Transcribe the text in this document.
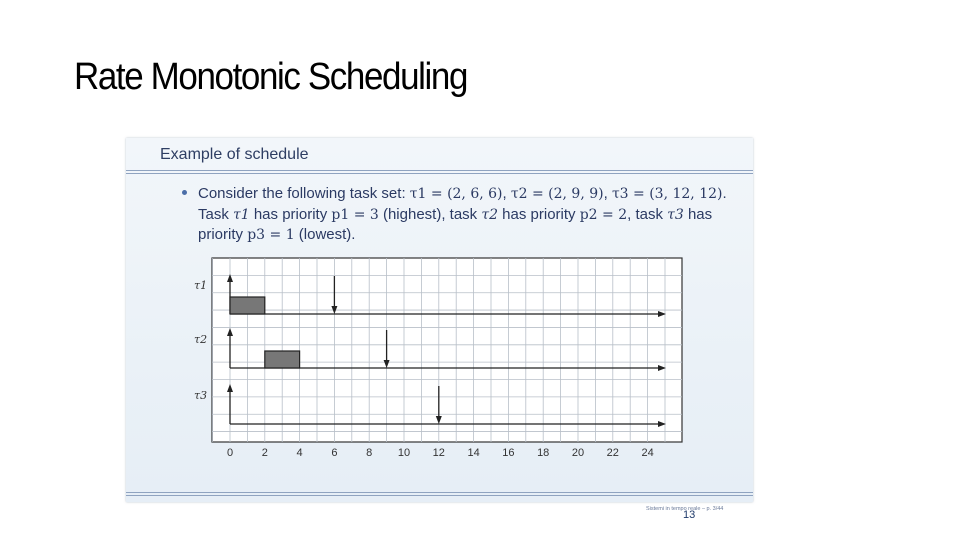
Rate Monotonic Scheduling
Example of schedule
Consider the following task set: τ1 = (2, 6, 6), τ2 = (2, 9, 9), τ3 = (3, 12, 12). Task τ1 has priority p1 = 3 (highest), task τ2 has priority p2 = 2, task τ3 has priority p3 = 1 (lowest).
τ1
τ2
τ3
0	2	4	6	8 10 12 14 16 18 20 22 24
Sistemi in tempo reale – p. 3/44
13
